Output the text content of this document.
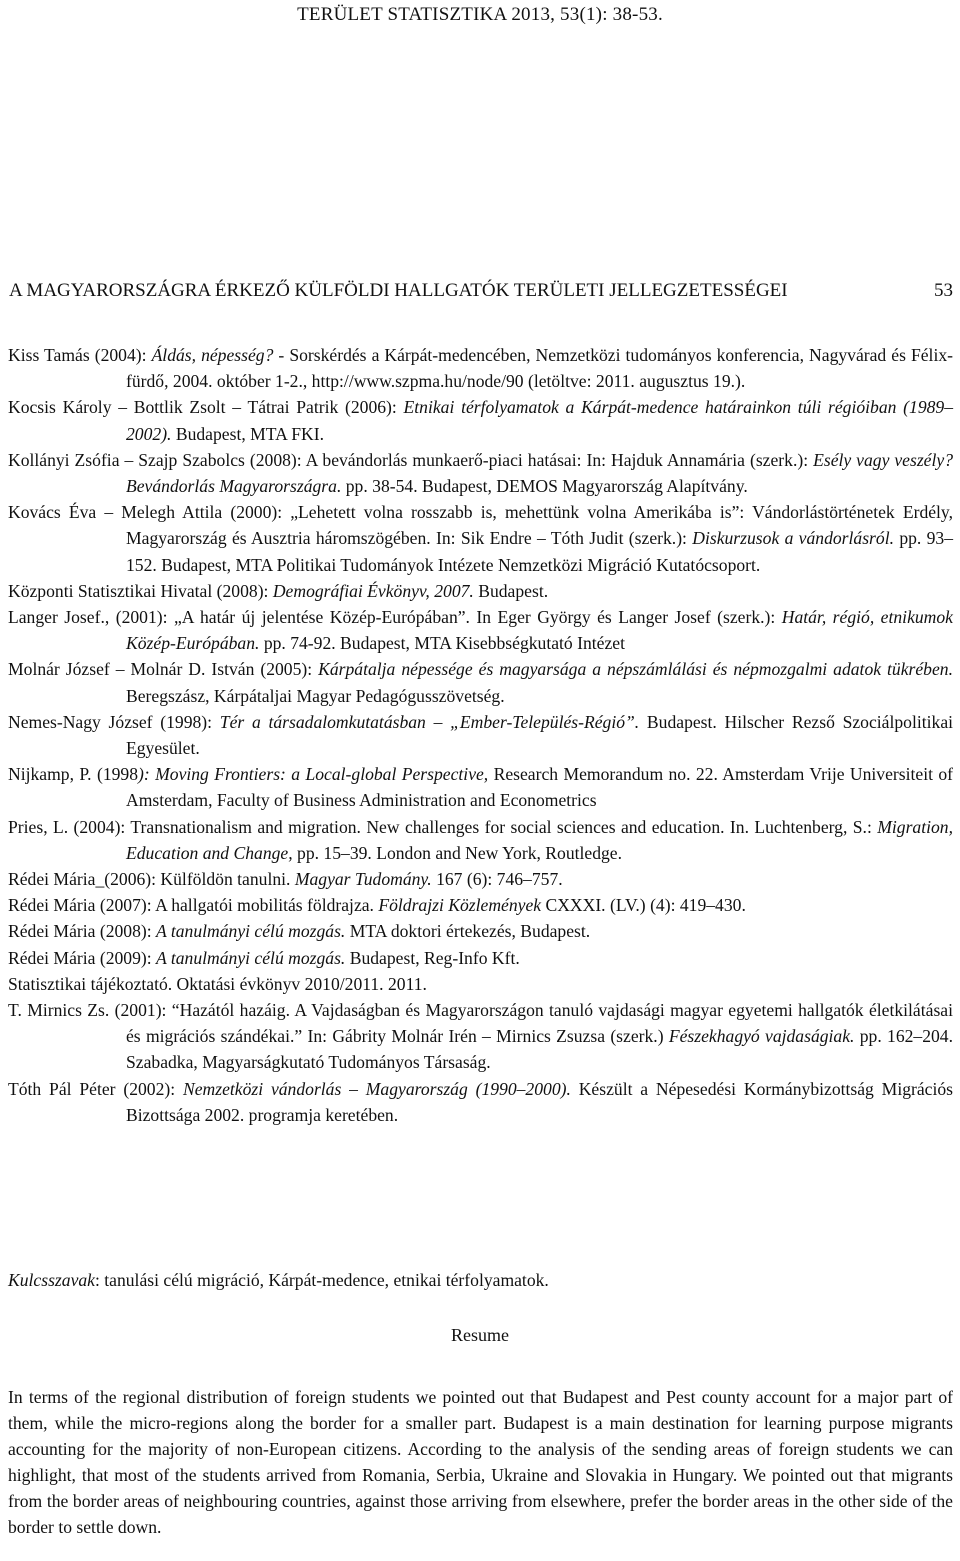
TERÜLET STATISZTIKA 2013, 53(1): 38-53.
A MAGYARORSZÁGRA ÉRKEZŐ KÜLFÖLDI HALLGATÓK TERÜLETI JELLEGZETESSÉGEI	53
Kiss Tamás (2004): Áldás, népesség? - Sorskérdés a Kárpát-medencében, Nemzetközi tudományos konferencia, Nagyvárad és Félix-fürdő, 2004. október 1-2., http://www.szpma.hu/node/90 (letöltve: 2011. augusztus 19.).
Kocsis Károly – Bottlik Zsolt – Tátrai Patrik (2006): Etnikai térfolyamatok a Kárpát-medence határainkon túli régióiban (1989–2002). Budapest, MTA FKI.
Kollányi Zsófia – Szajp Szabolcs (2008): A bevándorlás munkaerő-piaci hatásai: In: Hajduk Annamária (szerk.): Esély vagy veszély? Bevándorlás Magyarországra. pp. 38-54. Budapest, DEMOS Magyarország Alapítvány.
Kovács Éva – Melegh Attila (2000): „Lehetett volna rosszabb is, mehettünk volna Amerikába is”: Vándorlástörténetek Erdély, Magyarország és Ausztria háromszögében. In: Sik Endre – Tóth Judit (szerk.): Diskurzusok a vándorlásról. pp. 93–152. Budapest, MTA Politikai Tudományok Intézete Nemzetközi Migráció Kutatócsoport.
Központi Statisztikai Hivatal (2008): Demográfiai Évkönyv, 2007. Budapest.
Langer Josef., (2001): „A határ új jelentése Közép-Európában”. In Eger György és Langer Josef (szerk.): Határ, régió, etnikumok Közép-Európában. pp. 74-92. Budapest, MTA Kisebbségkutató Intézet
Molnár József – Molnár D. István (2005): Kárpátalja népessége és magyarsága a népszámlálási és népmozgalmi adatok tükrében. Beregszász, Kárpátaljai Magyar Pedagógusszövetség.
Nemes-Nagy József (1998): Tér a társadalomkutatásban – „Ember-Település-Régió”. Budapest. Hilscher Rezső Szociálpolitikai Egyesület.
Nijkamp, P. (1998): Moving Frontiers: a Local-global Perspective, Research Memorandum no. 22. Amsterdam Vrije Universiteit of Amsterdam, Faculty of Business Administration and Econometrics
Pries, L. (2004): Transnationalism and migration. New challenges for social sciences and education. In. Luchtenberg, S.: Migration, Education and Change, pp. 15–39. London and New York, Routledge.
Rédei Mária_(2006): Külföldön tanulni. Magyar Tudomány. 167 (6): 746–757.
Rédei Mária (2007): A hallgatói mobilitás földrajza. Földrajzi Közlemények CXXXI. (LV.) (4): 419–430.
Rédei Mária (2008): A tanulmányi célú mozgás. MTA doktori értekezés, Budapest.
Rédei Mária (2009): A tanulmányi célú mozgás. Budapest, Reg-Info Kft.
Statisztikai tájékoztató. Oktatási évkönyv 2010/2011. 2011.
T. Mirnics Zs. (2001): “Hazától hazáig. A Vajdaságban és Magyarországon tanuló vajdasági magyar egyetemi hallgatók életkilátásai és migrációs szándékai.” In: Gábrity Molnár Irén – Mirnics Zsuzsa (szerk.) Fészekhagyó vajdaságiak. pp. 162–204. Szabadka, Magyarságkutató Tudományos Társaság.
Tóth Pál Péter (2002): Nemzetközi vándorlás – Magyarország (1990–2000). Készült a Népesedési Kormánybizottság Migrációs Bizottsága 2002. programja keretében.
Kulcsszavak: tanulási célú migráció, Kárpát-medence, etnikai térfolyamatok.
Resume

In terms of the regional distribution of foreign students we pointed out that Budapest and Pest county account for a major part of them, while the micro-regions along the border for a smaller part. Budapest is a main destination for learning purpose migrants accounting for the majority of non-European citizens. According to the analysis of the sending areas of foreign students we can highlight, that most of the students arrived from Romania, Serbia, Ukraine and Slovakia in Hungary. We pointed out that migrants from the border areas of neighbouring countries, against those arriving from elsewhere, prefer the border areas in the other side of the border to settle down.
